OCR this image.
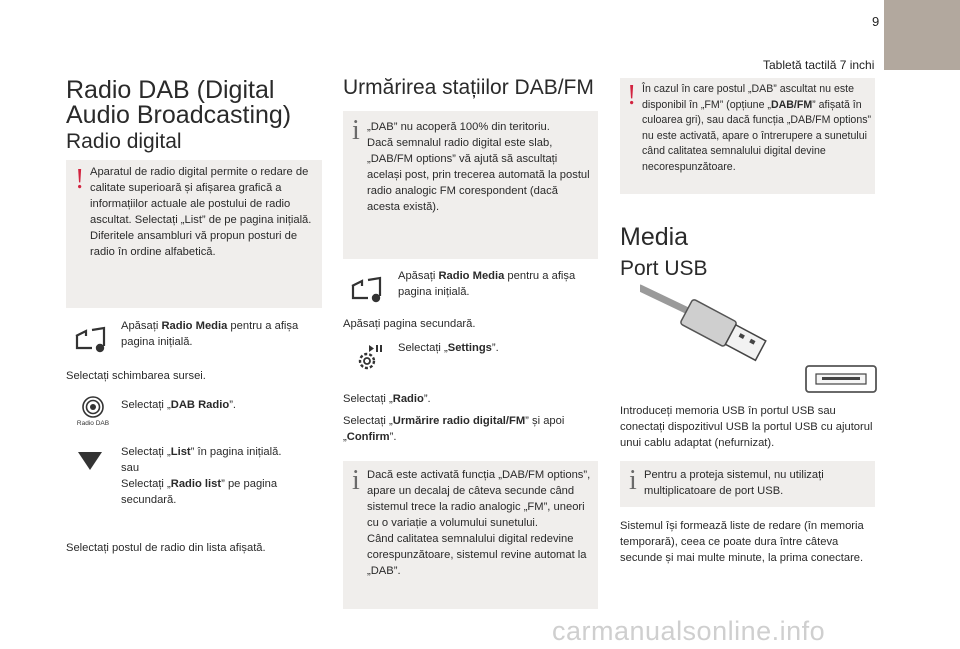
9
Tabletă tactilă 7 inchi
Radio DAB (Digital Audio Broadcasting)
Radio digital
! Aparatul de radio digital permite o redare de calitate superioară și afișarea grafică a informațiilor actuale ale postului de radio ascultat. Selectați „List” de pe pagina inițială.
Diferitele ansambluri vă propun posturi de radio în ordine alfabetică.
Apăsați Radio Media pentru a afișa pagina inițială.
Selectați schimbarea sursei.
Radio DAB
Selectați „DAB Radio”.
Selectați „List” în pagina inițială.
sau
Selectați „Radio list” pe pagina secundară.
Selectați postul de radio din lista afișată.
Urmărirea stațiilor DAB/FM
i „DAB” nu acoperă 100% din teritoriu.
Dacă semnalul radio digital este slab, „DAB/FM options” vă ajută să ascultați același post, prin trecerea automată la postul radio analogic FM corespondent (dacă acesta există).
Apăsați Radio Media pentru a afișa pagina inițială.
Apăsați pagina secundară.
Selectați „Settings”.
Selectați „Radio”.
Selectați „Urmărire radio digital/FM” și apoi „Confirm”.
i Dacă este activată funcția „DAB/FM options”, apare un decalaj de câteva secunde când sistemul trece la radio analogic „FM”, uneori cu o variație a volumului sunetului.
Când calitatea semnalului digital redevine corespunzătoare, sistemul revine automat la „DAB”.
! În cazul în care postul „DAB” ascultat nu este disponibil în „FM” (opțiune „DAB/FM” afișată în culoarea gri), sau dacă funcția „DAB/FM options” nu este activată, apare o întrerupere a sunetului când calitatea semnalului digital devine necorespunzătoare.
Media
Port USB
Introduceți memoria USB în portul USB sau conectați dispozitivul USB la portul USB cu ajutorul unui cablu adaptat (nefurnizat).
i Pentru a proteja sistemul, nu utilizați multiplicatoare de port USB.
Sistemul își formează liste de redare (în memoria temporară), ceea ce poate dura între câteva secunde și mai multe minute, la prima conectare.
carmanualsonline.info
